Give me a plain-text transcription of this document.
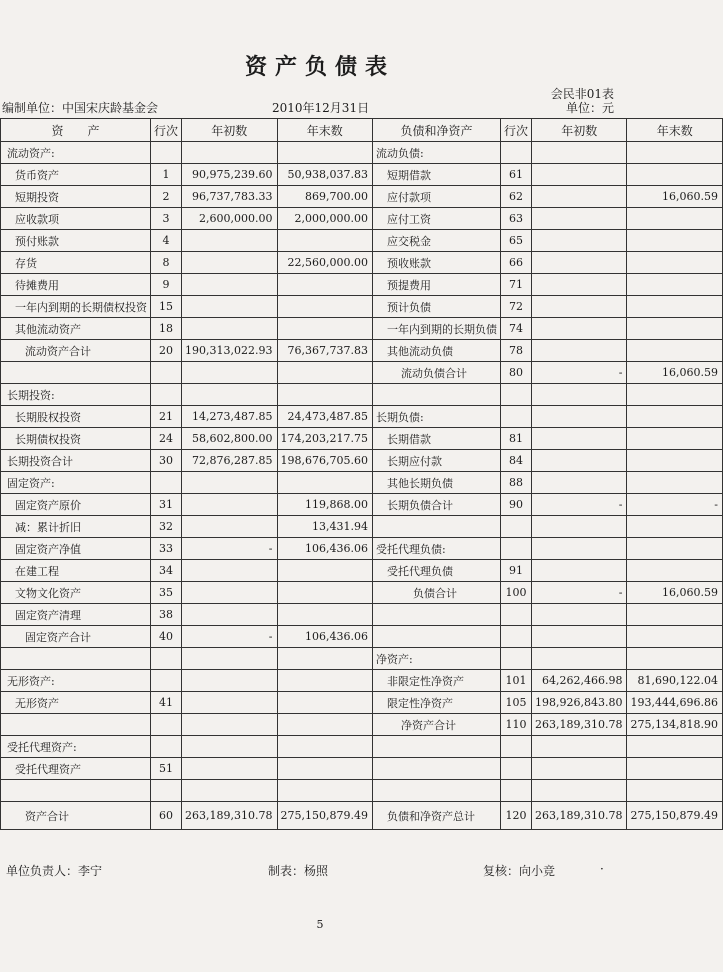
资产负债表
会民非01表
编制单位：中国宋庆龄基金会	2010年12月31日	单位：元
资　　产	行次	年初数	年末数	负债和净资产	行次	年初数	年末数
流动资产:				流动负债:			
货币资产	1	90,975,239.60	50,938,037.83	短期借款	61		
短期投资	2	96,737,783.33	869,700.00	应付款项	62		16,060.59
应收款项	3	2,600,000.00	2,000,000.00	应付工资	63		
预付账款	4			应交税金	65		
存货	8		22,560,000.00	预收账款	66		
待摊费用	9			预提费用	71		
一年内到期的长期债权投资	15			预计负债	72		
其他流动资产	18			一年内到期的长期负债	74		
流动资产合计	20	190,313,022.93	76,367,737.83	其他流动负债	78		
				流动负债合计	80	-	16,060.59
长期投资:							
长期股权投资	21	14,273,487.85	24,473,487.85	长期负债:			
长期债权投资	24	58,602,800.00	174,203,217.75	长期借款	81		
长期投资合计	30	72,876,287.85	198,676,705.60	长期应付款	84		
固定资产:				其他长期负债	88		
固定资产原价	31		119,868.00	长期负债合计	90	-	-
减：累计折旧	32		13,431.94				
固定资产净值	33	-	106,436.06	受托代理负债:			
在建工程	34			受托代理负债	91		
文物文化资产	35			负债合计	100	-	16,060.59
固定资产清理	38						
固定资产合计	40	-	106,436.06				
				净资产:			
无形资产:				非限定性净资产	101	64,262,466.98	81,690,122.04
无形资产	41			限定性净资产	105	198,926,843.80	193,444,696.86
				净资产合计	110	263,189,310.78	275,134,818.90
受托代理资产:							
受托代理资产	51						

资产合计	60	263,189,310.78	275,150,879.49	负债和净资产总计	120	263,189,310.78	275,150,879.49
单位负责人：李宁	制表：杨照	复核：向小竞	·
5
